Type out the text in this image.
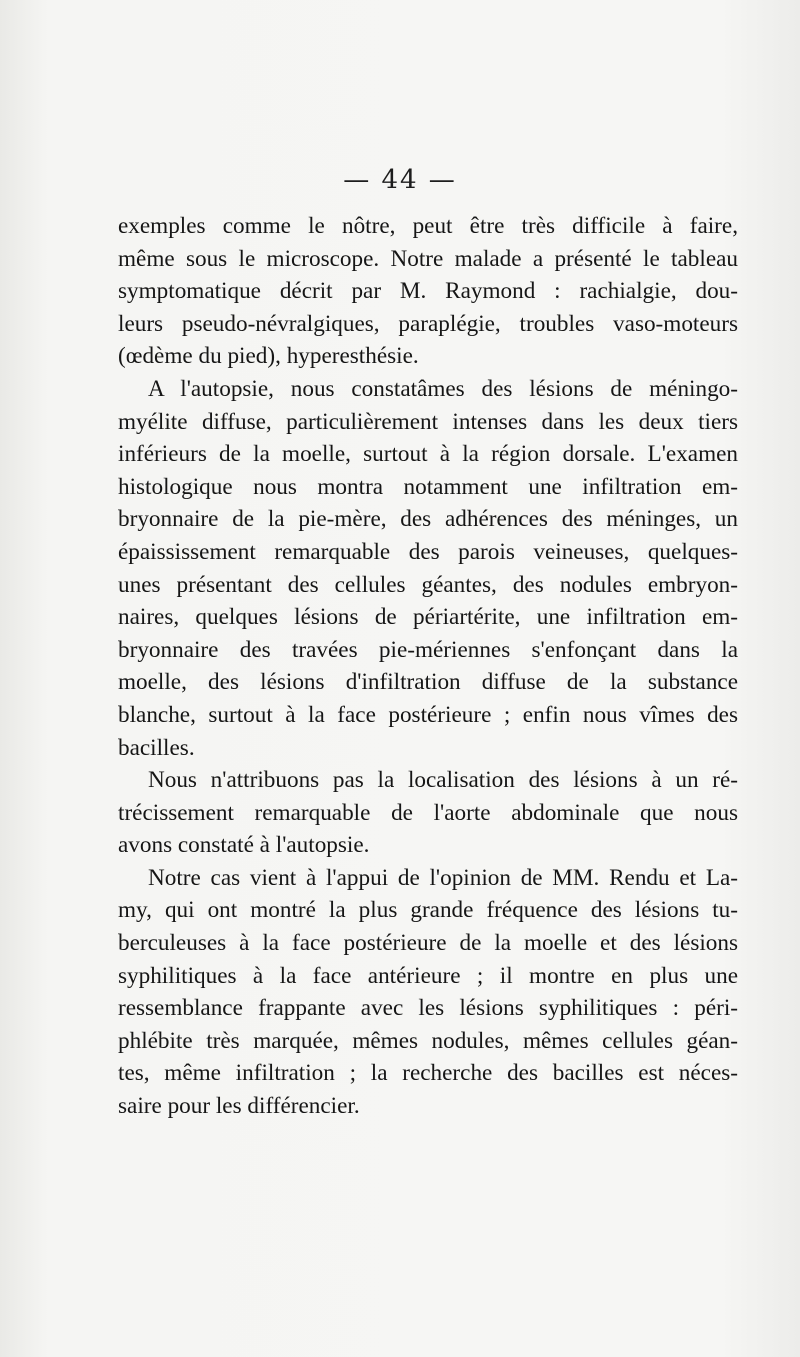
— 44 —
exemples comme le nôtre, peut être très difficile à faire,
même sous le microscope. Notre malade a présenté le tableau
symptomatique décrit par M. Raymond : rachialgie, dou-
leurs pseudo-névralgiques, paraplégie, troubles vaso-moteurs
(œdème du pied), hyperesthésie.
A l'autopsie, nous constatâmes des lésions de méningo-
myélite diffuse, particulièrement intenses dans les deux tiers
inférieurs de la moelle, surtout à la région dorsale. L'examen
histologique nous montra notamment une infiltration em-
bryonnaire de la pie-mère, des adhérences des méninges, un
épaississement remarquable des parois veineuses, quelques-
unes présentant des cellules géantes, des nodules embryon-
naires, quelques lésions de périartérite, une infiltration em-
bryonnaire des travées pie-mériennes s'enfonçant dans la
moelle, des lésions d'infiltration diffuse de la substance
blanche, surtout à la face postérieure ; enfin nous vîmes des
bacilles.
Nous n'attribuons pas la localisation des lésions à un ré-
trécissement remarquable de l'aorte abdominale que nous
avons constaté à l'autopsie.
Notre cas vient à l'appui de l'opinion de MM. Rendu et La-
my, qui ont montré la plus grande fréquence des lésions tu-
berculeuses à la face postérieure de la moelle et des lésions
syphilitiques à la face antérieure ; il montre en plus une
ressemblance frappante avec les lésions syphilitiques : péri-
phlébite très marquée, mêmes nodules, mêmes cellules géan-
tes, même infiltration ; la recherche des bacilles est néces-
saire pour les différencier.
